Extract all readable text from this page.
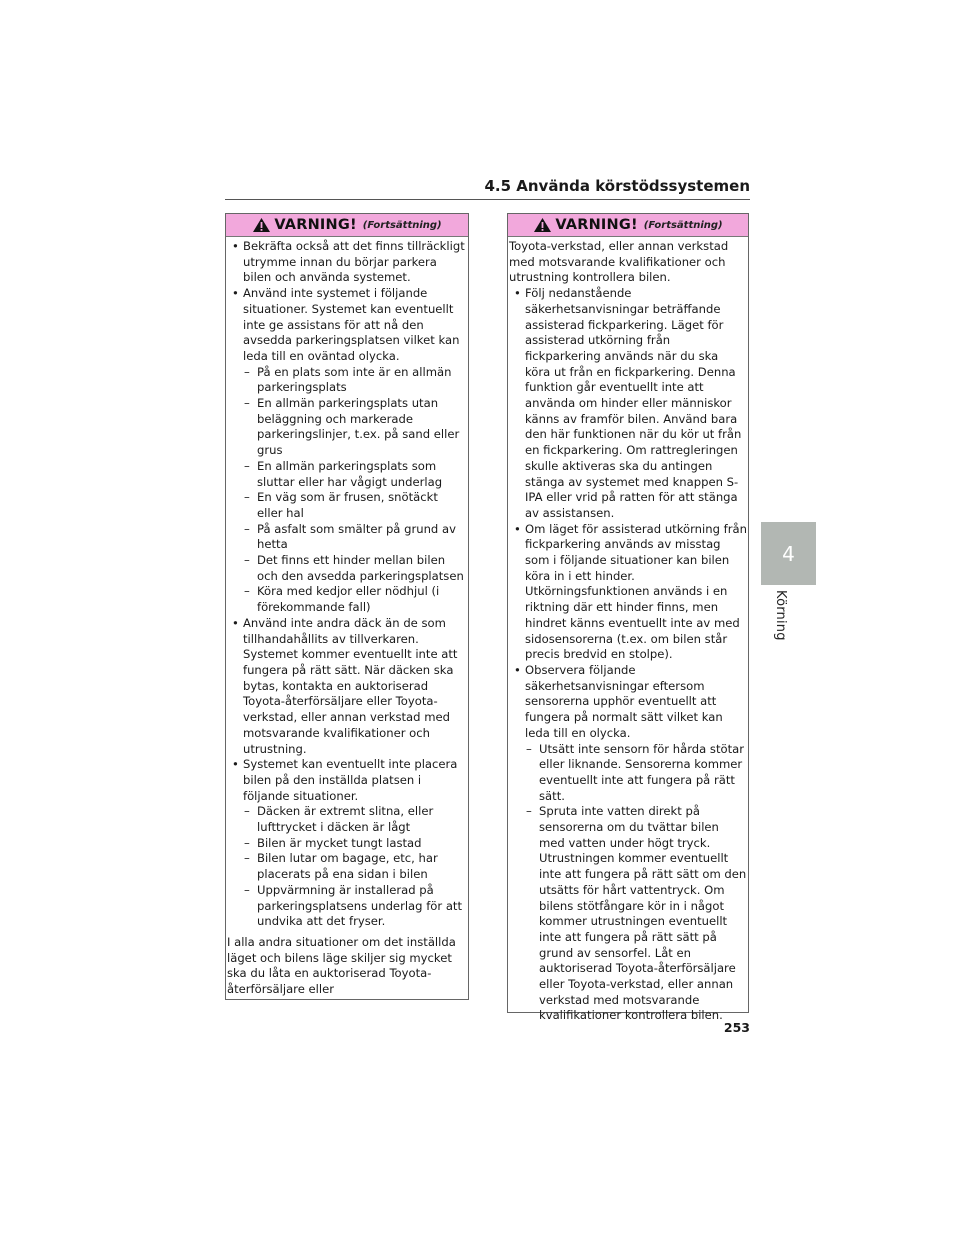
4.5 Använda körstödssystemen
4
Körning
VARNING! (Fortsättning)
• Bekräfta också att det finns tillräckligt utrymme innan du börjar parkera bilen och använda systemet.
• Använd inte systemet i följande situationer. Systemet kan eventuellt inte ge assistans för att nå den avsedda parkeringsplatsen vilket kan leda till en oväntad olycka.
– På en plats som inte är en allmän parkeringsplats
– En allmän parkeringsplats utan beläggning och markerade parkeringslinjer, t.ex. på sand eller grus
– En allmän parkeringsplats som sluttar eller har vågigt underlag
– En väg som är frusen, snötäckt eller hal
– På asfalt som smälter på grund av hetta
– Det finns ett hinder mellan bilen och den avsedda parkeringsplatsen
– Köra med kedjor eller nödhjul (i förekommande fall)
• Använd inte andra däck än de som tillhandahållits av tillverkaren. Systemet kommer eventuellt inte att fungera på rätt sätt. När däcken ska bytas, kontakta en auktoriserad Toyota-återförsäljare eller Toyota-verkstad, eller annan verkstad med motsvarande kvalifikationer och utrustning.
• Systemet kan eventuellt inte placera bilen på den inställda platsen i följande situationer.
– Däcken är extremt slitna, eller lufttrycket i däcken är lågt
– Bilen är mycket tungt lastad
– Bilen lutar om bagage, etc, har placerats på ena sidan i bilen
– Uppvärmning är installerad på parkeringsplatsens underlag för att undvika att det fryser.
I alla andra situationer om det inställda läget och bilens läge skiljer sig mycket ska du låta en auktoriserad Toyota-återförsäljare eller
VARNING! (Fortsättning)
Toyota-verkstad, eller annan verkstad med motsvarande kvalifikationer och utrustning kontrollera bilen.
• Följ nedanstående säkerhetsanvisningar beträffande assisterad fickparkering. Läget för assisterad utkörning från fickparkering används när du ska köra ut från en fickparkering. Denna funktion går eventuellt inte att använda om hinder eller människor känns av framför bilen. Använd bara den här funktionen när du kör ut från en fickparkering. Om rattregleringen skulle aktiveras ska du antingen stänga av systemet med knappen S-IPA eller vrid på ratten för att stänga av assistansen.
• Om läget för assisterad utkörning från fickparkering används av misstag som i följande situationer kan bilen köra in i ett hinder. Utkörningsfunktionen används i en riktning där ett hinder finns, men hindret känns eventuellt inte av med sidosensorerna (t.ex. om bilen står precis bredvid en stolpe).
• Observera följande säkerhetsanvisningar eftersom sensorerna upphör eventuellt att fungera på normalt sätt vilket kan leda till en olycka.
– Utsätt inte sensorn för hårda stötar eller liknande. Sensorerna kommer eventuellt inte att fungera på rätt sätt.
– Spruta inte vatten direkt på sensorerna om du tvättar bilen med vatten under högt tryck. Utrustningen kommer eventuellt inte att fungera på rätt sätt om den utsätts för hårt vattentryck. Om bilens stötfångare kör in i något kommer utrustningen eventuellt inte att fungera på rätt sätt på grund av sensorfel. Låt en auktoriserad Toyota-återförsäljare eller Toyota-verkstad, eller annan verkstad med motsvarande kvalifikationer kontrollera bilen.
253
